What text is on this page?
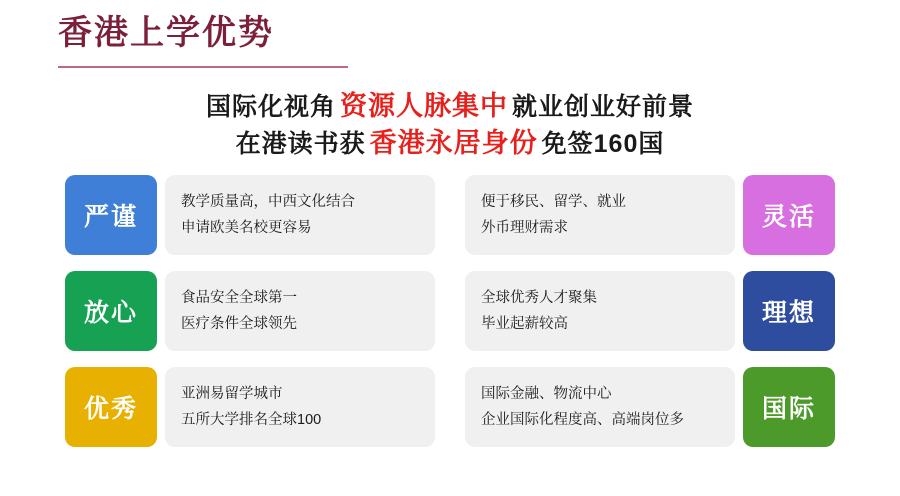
香港上学优势
国际化视角 资源人脉集中 就业创业好前景
在港读书获 香港永居身份 免签160国
严谨
教学质量高，中西文化结合
申请欧美名校更容易
便于移民、留学、就业
外币理财需求	灵活
放心
食品安全全球第一
医疗条件全球领先
全球优秀人才聚集
毕业起薪较高	理想
优秀
亚洲易留学城市
五所大学排名全球100
国际金融、物流中心
企业国际化程度高、高端岗位多	国际
